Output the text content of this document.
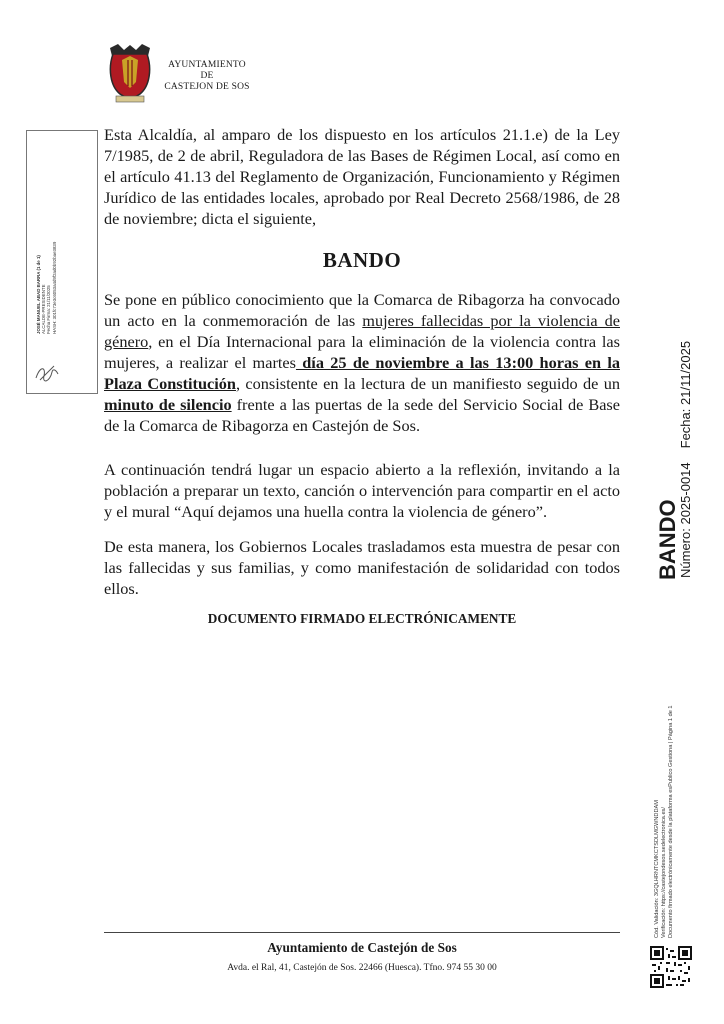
AYUNTAMIENTO
DE
CASTEJON DE SOS

Esta Alcaldía, al amparo de los dispuesto en los artículos 21.1.e) de la Ley 7/1985, de 2 de abril, Reguladora de las Bases de Régimen Local, así como en el artículo 41.13 del Reglamento de Organización, Funcionamiento y Régimen Jurídico de las entidades locales, aprobado por Real Decreto 2568/1986, de 28 de noviembre; dicta el siguiente,

BANDO

Se pone en público conocimiento que la Comarca de Ribagorza ha convocado un acto en la conmemoración de las mujeres fallecidas por la violencia de género, en el Día Internacional para la eliminación de la violencia contra las mujeres, a realizar el martes día 25 de noviembre a las 13:00 horas en la Plaza Constitución, consistente en la lectura de un manifiesto seguido de un minuto de silencio frente a las puertas de la sede del Servicio Social de Base de la Comarca de Ribagorza en Castejón de Sos.

A continuación tendrá lugar un espacio abierto a la reflexión, invitando a la población a preparar un texto, canción o intervención para compartir en el acto y el mural “Aquí dejamos una huella contra la violencia de género”.

De esta manera, los Gobiernos Locales trasladamos esta muestra de pesar con las fallecidas y sus familias, y como manifestación de solidaridad con todos ellos.

DOCUMENTO FIRMADO ELECTRÓNICAMENTE
Ayuntamiento de Castejón de Sos
Avda. el Ral, 41, Castejón de Sos. 22466 (Huesca). Tfno. 974 55 30 00
JOSÉ MANUEL ABAD BARRA (1 de 1) ALCALDE-PRESIDENTE Fecha Firma: 21/11/2025 HASH: 301fc73e3c6053a4d9f2ad0b92bae3839
BANDO
Número: 2025-0014Fecha: 21/11/2025
Cód. Validación: 3GQLHRNTCMKCTSDLMGWNDDAM Verificación: https://castejondesos.sedelectronica.es/ Documento firmado electrónicamente desde la plataforma esPublico Gestiona | Página 1 de 1
